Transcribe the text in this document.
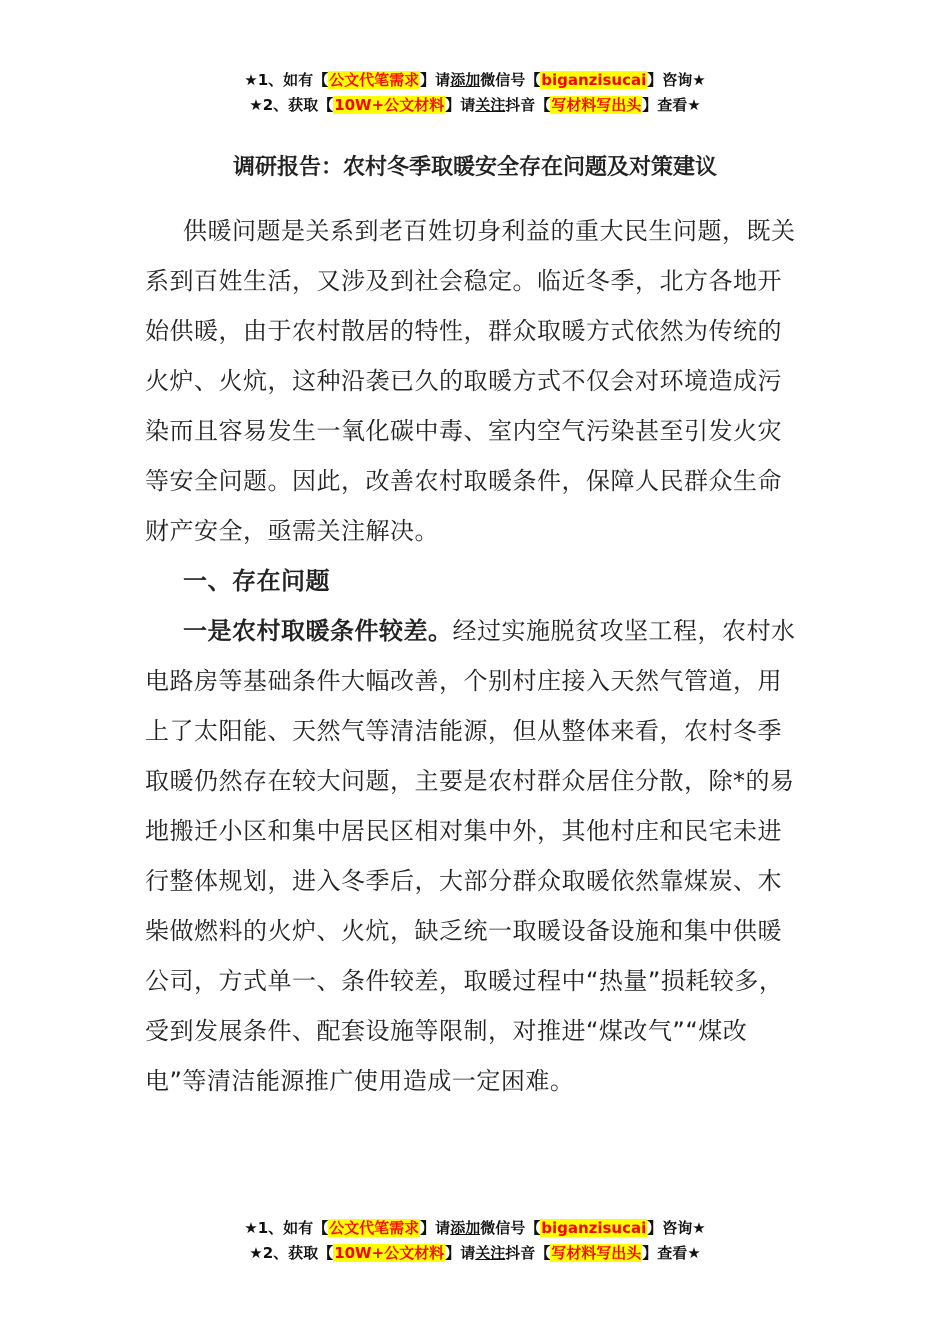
★1、如有【公文代笔需求】请添加微信号【biganzisucai】咨询★
★2、获取【10W+公文材料】请关注抖音【写材料写出头】查看★
调研报告：农村冬季取暖安全存在问题及对策建议

供暖问题是关系到老百姓切身利益的重大民生问题，既关系到百姓生活，又涉及到社会稳定。临近冬季，北方各地开始供暖，由于农村散居的特性，群众取暖方式依然为传统的火炉、火炕，这种沿袭已久的取暖方式不仅会对环境造成污染而且容易发生一氧化碳中毒、室内空气污染甚至引发火灾等安全问题。因此，改善农村取暖条件，保障人民群众生命财产安全，亟需关注解决。

一、存在问题

一是农村取暖条件较差。经过实施脱贫攻坚工程，农村水电路房等基础条件大幅改善，个别村庄接入天然气管道，用上了太阳能、天然气等清洁能源，但从整体来看，农村冬季取暖仍然存在较大问题，主要是农村群众居住分散，除*的易地搬迁小区和集中居民区相对集中外，其他村庄和民宅未进行整体规划，进入冬季后，大部分群众取暖依然靠煤炭、木柴做燃料的火炉、火炕，缺乏统一取暖设备设施和集中供暖公司，方式单一、条件较差，取暖过程中“热量”损耗较多，受到发展条件、配套设施等限制，对推进“煤改气”“煤改电”等清洁能源推广使用造成一定困难。

★1、如有【公文代笔需求】请添加微信号【biganzisucai】咨询★
★2、获取【10W+公文材料】请关注抖音【写材料写出头】查看★
